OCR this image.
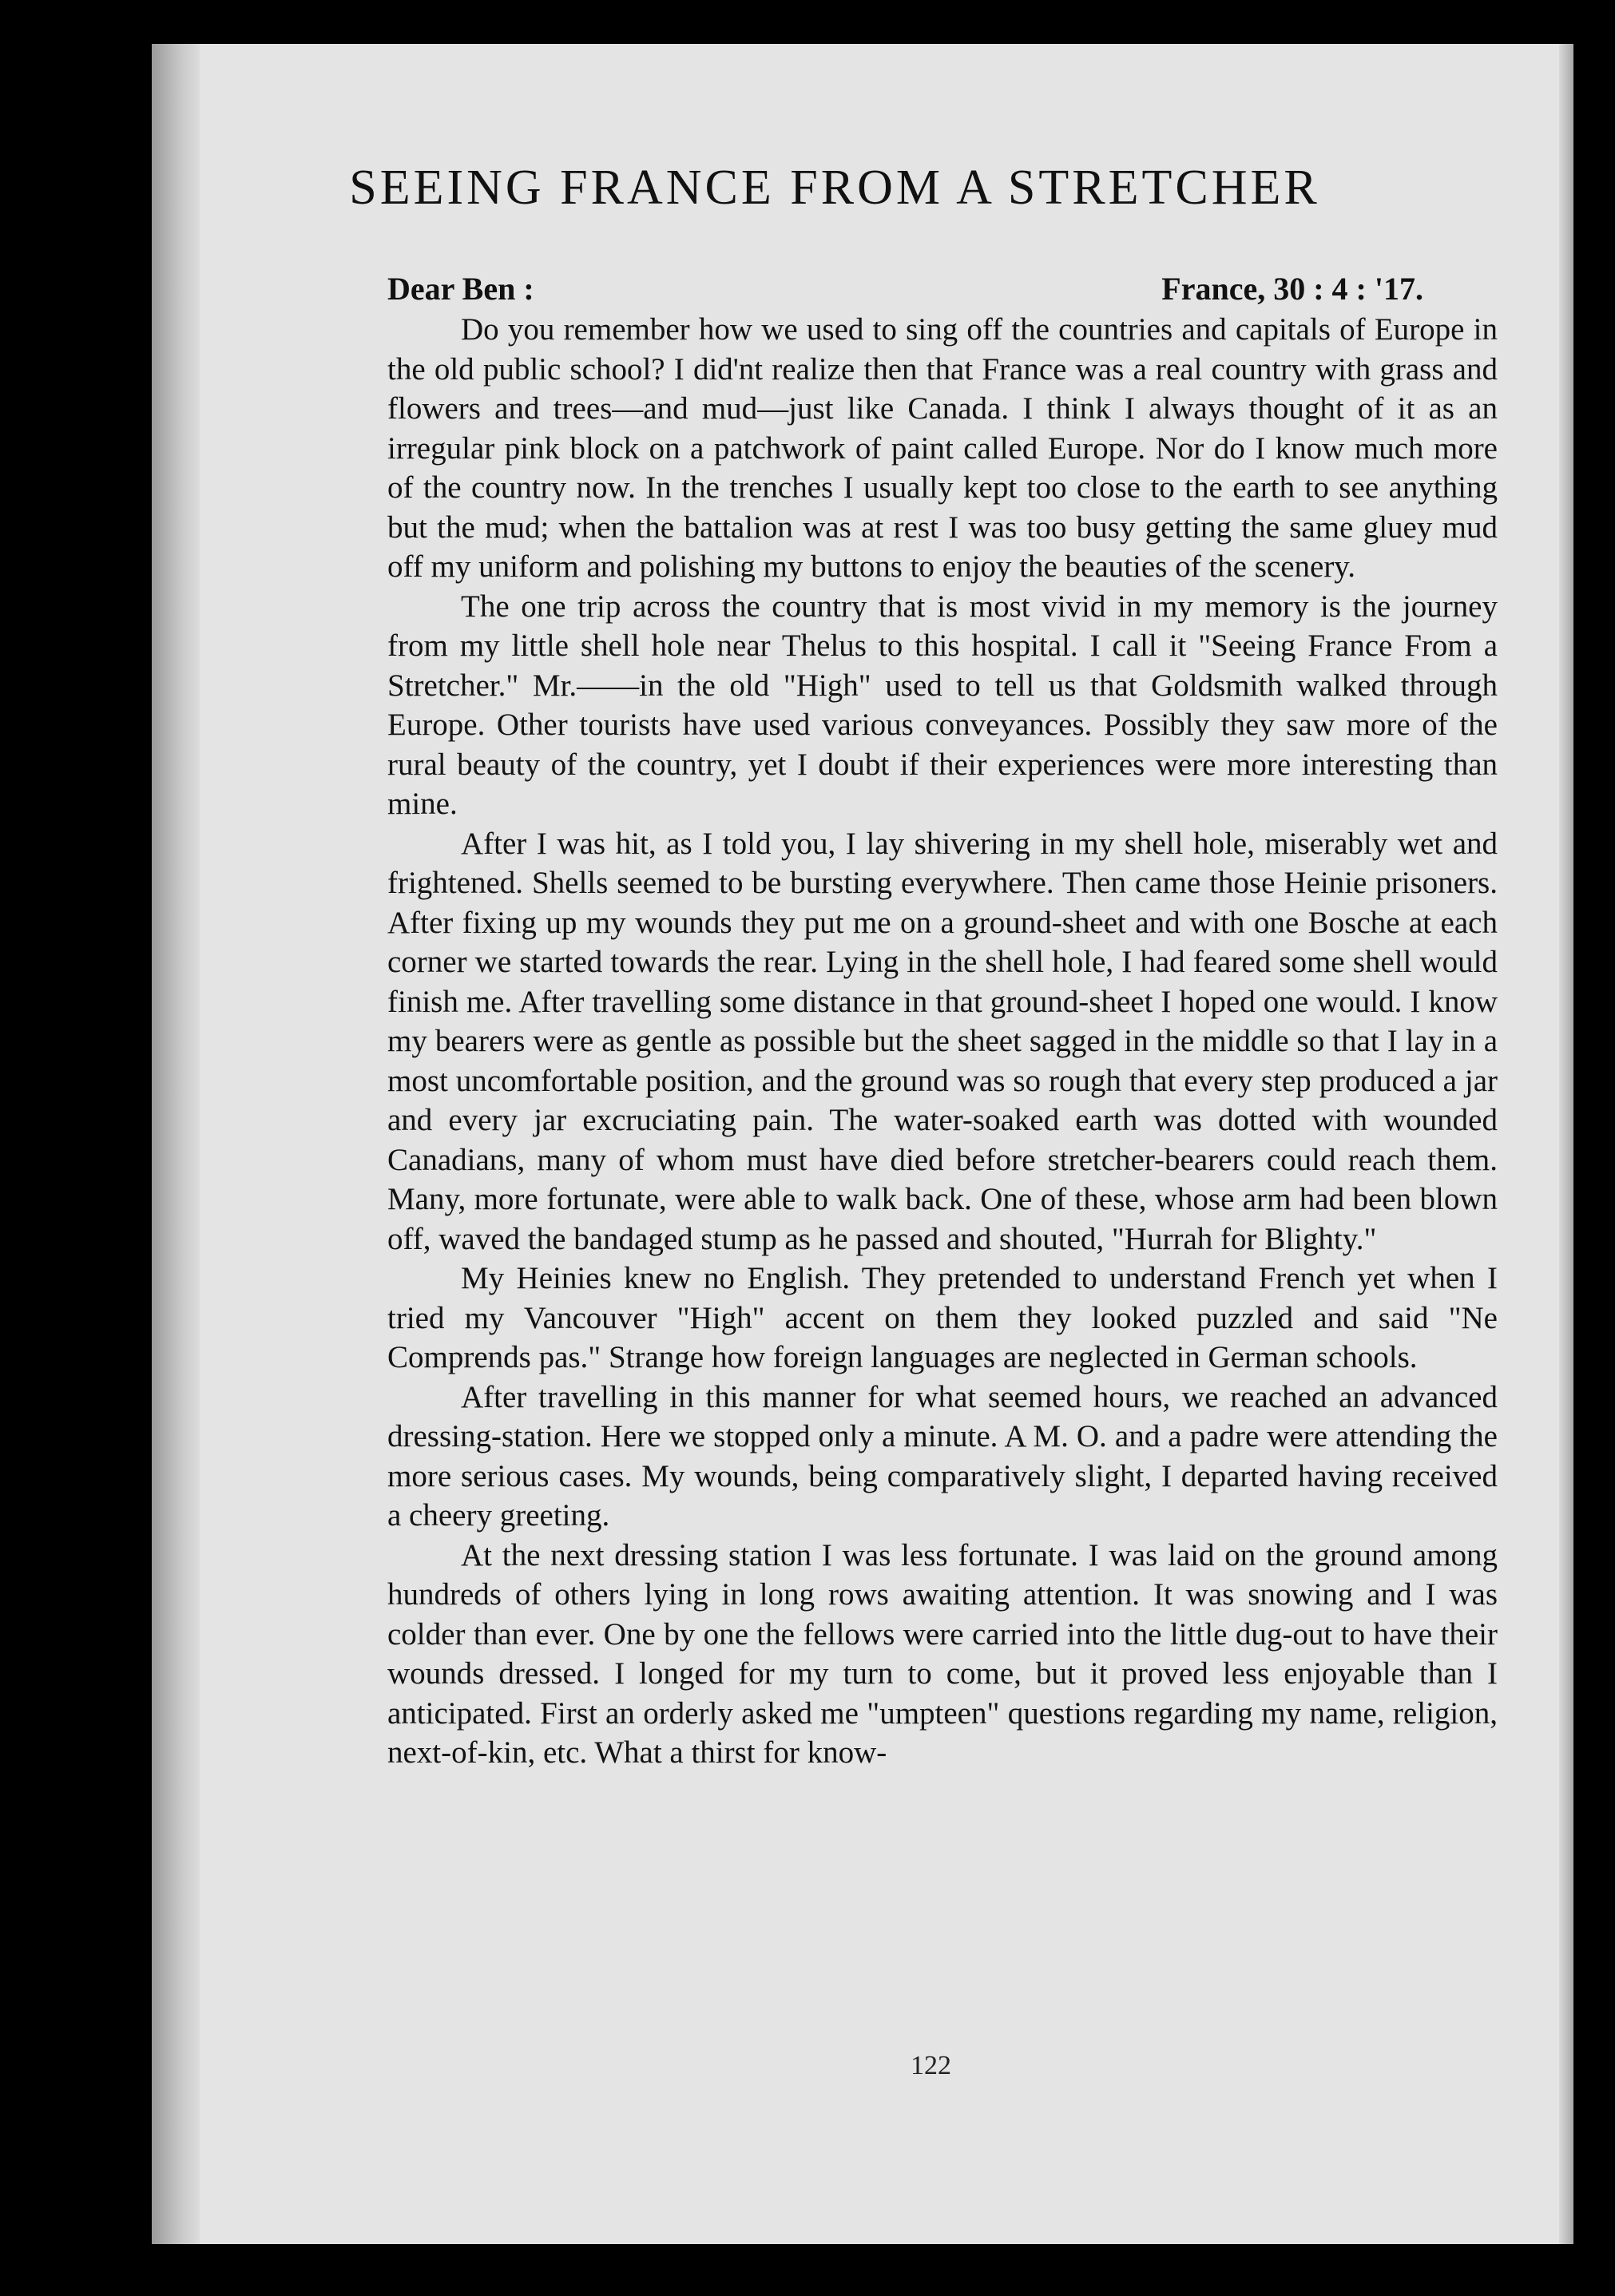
SEEING FRANCE FROM A STRETCHER
Dear Ben :	France, 30 : 4 : '17.

Do you remember how we used to sing off the countries and capitals of Europe in the old public school? I did'nt realize then that France was a real country with grass and flowers and trees—and mud—just like Canada. I think I always thought of it as an irregular pink block on a patchwork of paint called Europe. Nor do I know much more of the country now. In the trenches I usually kept too close to the earth to see anything but the mud; when the battalion was at rest I was too busy getting the same gluey mud off my uniform and polishing my buttons to enjoy the beauties of the scenery.

The one trip across the country that is most vivid in my memory is the journey from my little shell hole near Thelus to this hospital. I call it "Seeing France From a Stretcher." Mr.——in the old "High" used to tell us that Goldsmith walked through Europe. Other tourists have used various conveyances. Possibly they saw more of the rural beauty of the country, yet I doubt if their experiences were more interesting than mine.

After I was hit, as I told you, I lay shivering in my shell hole, miserably wet and frightened. Shells seemed to be bursting everywhere. Then came those Heinie prisoners. After fixing up my wounds they put me on a ground-sheet and with one Bosche at each corner we started towards the rear. Lying in the shell hole, I had feared some shell would finish me. After travelling some distance in that ground-sheet I hoped one would. I know my bearers were as gentle as possible but the sheet sagged in the middle so that I lay in a most uncomfortable position, and the ground was so rough that every step produced a jar and every jar excruciating pain. The water-soaked earth was dotted with wounded Canadians, many of whom must have died before stretcher-bearers could reach them. Many, more fortunate, were able to walk back. One of these, whose arm had been blown off, waved the bandaged stump as he passed and shouted, "Hurrah for Blighty."

My Heinies knew no English. They pretended to understand French yet when I tried my Vancouver "High" accent on them they looked puzzled and said "Ne Comprends pas." Strange how foreign languages are neglected in German schools.

After travelling in this manner for what seemed hours, we reached an advanced dressing-station. Here we stopped only a minute. A M. O. and a padre were attending the more serious cases. My wounds, being comparatively slight, I departed having received a cheery greeting.

At the next dressing station I was less fortunate. I was laid on the ground among hundreds of others lying in long rows awaiting attention. It was snowing and I was colder than ever. One by one the fellows were carried into the little dug-out to have their wounds dressed. I longed for my turn to come, but it proved less enjoyable than I anticipated. First an orderly asked me "umpteen" questions regarding my name, religion, next-of-kin, etc. What a thirst for know-

122
